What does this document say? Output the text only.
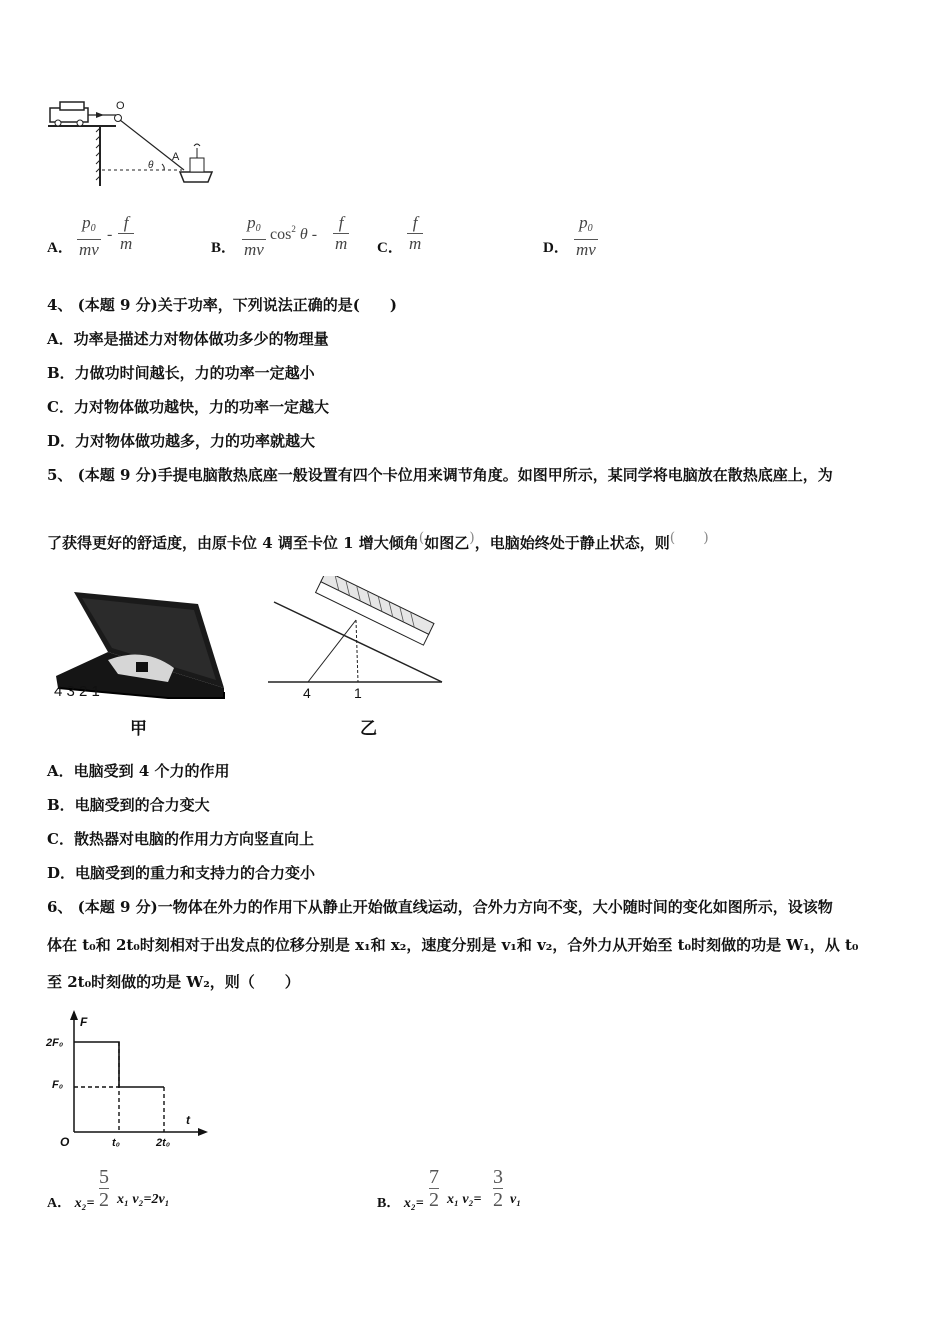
O
θ
A
A．
$p_0$
mv
-
f
m	B．
$p_0$
mv
$\cos^2 \theta$ -
f
m C．
f
m	D．
$p_0$
mv
4、 (本题 9 分)关于功率，下列说法正确的是(　　)
A．功率是描述力对物体做功多少的物理量
B．力做功时间越长，力的功率一定越小
C．力对物体做功越快，力的功率一定越大
D．力对物体做功越多，力的功率就越大
5、 (本题 9 分)手提电脑散热底座一般设置有四个卡位用来调节角度。如图甲所示，某同学将电脑放在散热底座上，为
了获得更好的舒适度，由原卡位 4 调至卡位 1 增大倾角(如图乙)，电脑始终处于静止状态，则(　　)
4 3 2 1
甲
4	1
乙
A．电脑受到 4 个力的作用
B．电脑受到的合力变大
C．散热器对电脑的作用力方向竖直向上
D．电脑受到的重力和支持力的合力变小
6、 (本题 9 分)一物体在外力的作用下从静止开始做直线运动，合外力方向不变，大小随时间的变化如图所示，设该物
体在 t₀和 2t₀时刻相对于出发点的位移分别是 x₁和 x₂，速度分别是 v₁和 v₂，合外力从开始至 t₀时刻做的功是 W₁，从 t₀
至 2t₀时刻做的功是 W₂，则（　　）
F
t
O
2F₀
F₀
t₀	2t₀
A． x₂=
5
2 x₁ v₂=2v₁	B． x₂=
7
2 x₁ v₂=
3
2 v₁
